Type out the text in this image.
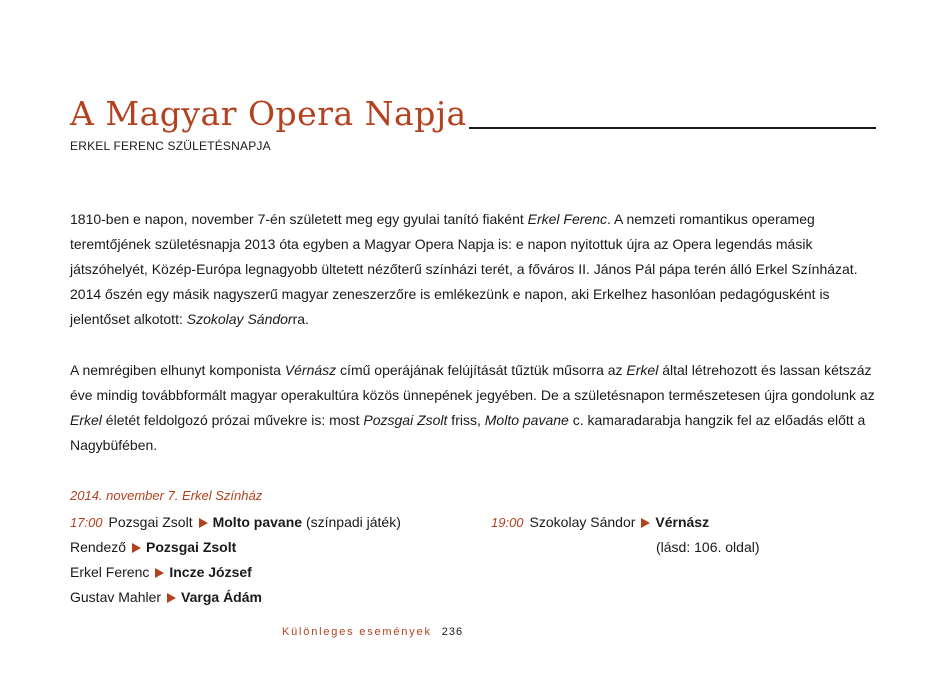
A Magyar Opera Napja
ERKEL FERENC SZÜLETÉSNAPJA

1810-ben e napon, november 7-én született meg egy gyulai tanító fiaként Erkel Ferenc. A nemzeti romantikus operameg teremtőjének születésnapja 2013 óta egyben a Magyar Opera Napja is: e napon nyitottuk újra az Opera legendás másik játszóhelyét, Közép-Európa legnagyobb ültetett nézőterű színházi terét, a főváros II. János Pál pápa terén álló Erkel Színházat. 2014 őszén egy másik nagyszerű magyar zeneszerzőre is emlékezünk e napon, aki Erkelhez hasonlóan pedagógusként is jelentőset alkotott: Szokolay Sándorra.

A nemrégiben elhunyt komponista Vérnász című operájának felújítását tűztük műsorra az Erkel által létrehozott és lassan kétszáz éve mindig továbbformált magyar operakultúra közös ünnepének jegyében. De a születésnapon természetesen újra gondolunk az Erkel életét feldolgozó prózai művekre is: most Pozsgai Zsolt friss, Molto pavane c. kamaradarabja hangzik fel az előadás előtt a Nagybüfében.

2014. november 7. Erkel Színház
17:00 Pozsgai Zsolt Molto pavane (színpadi játék)
Rendező Pozsgai Zsolt
Erkel Ferenc Incze József
Gustav Mahler Varga Ádám
19:00 Szokolay Sándor Vérnász
(lásd: 106. oldal)
Különleges események 236
